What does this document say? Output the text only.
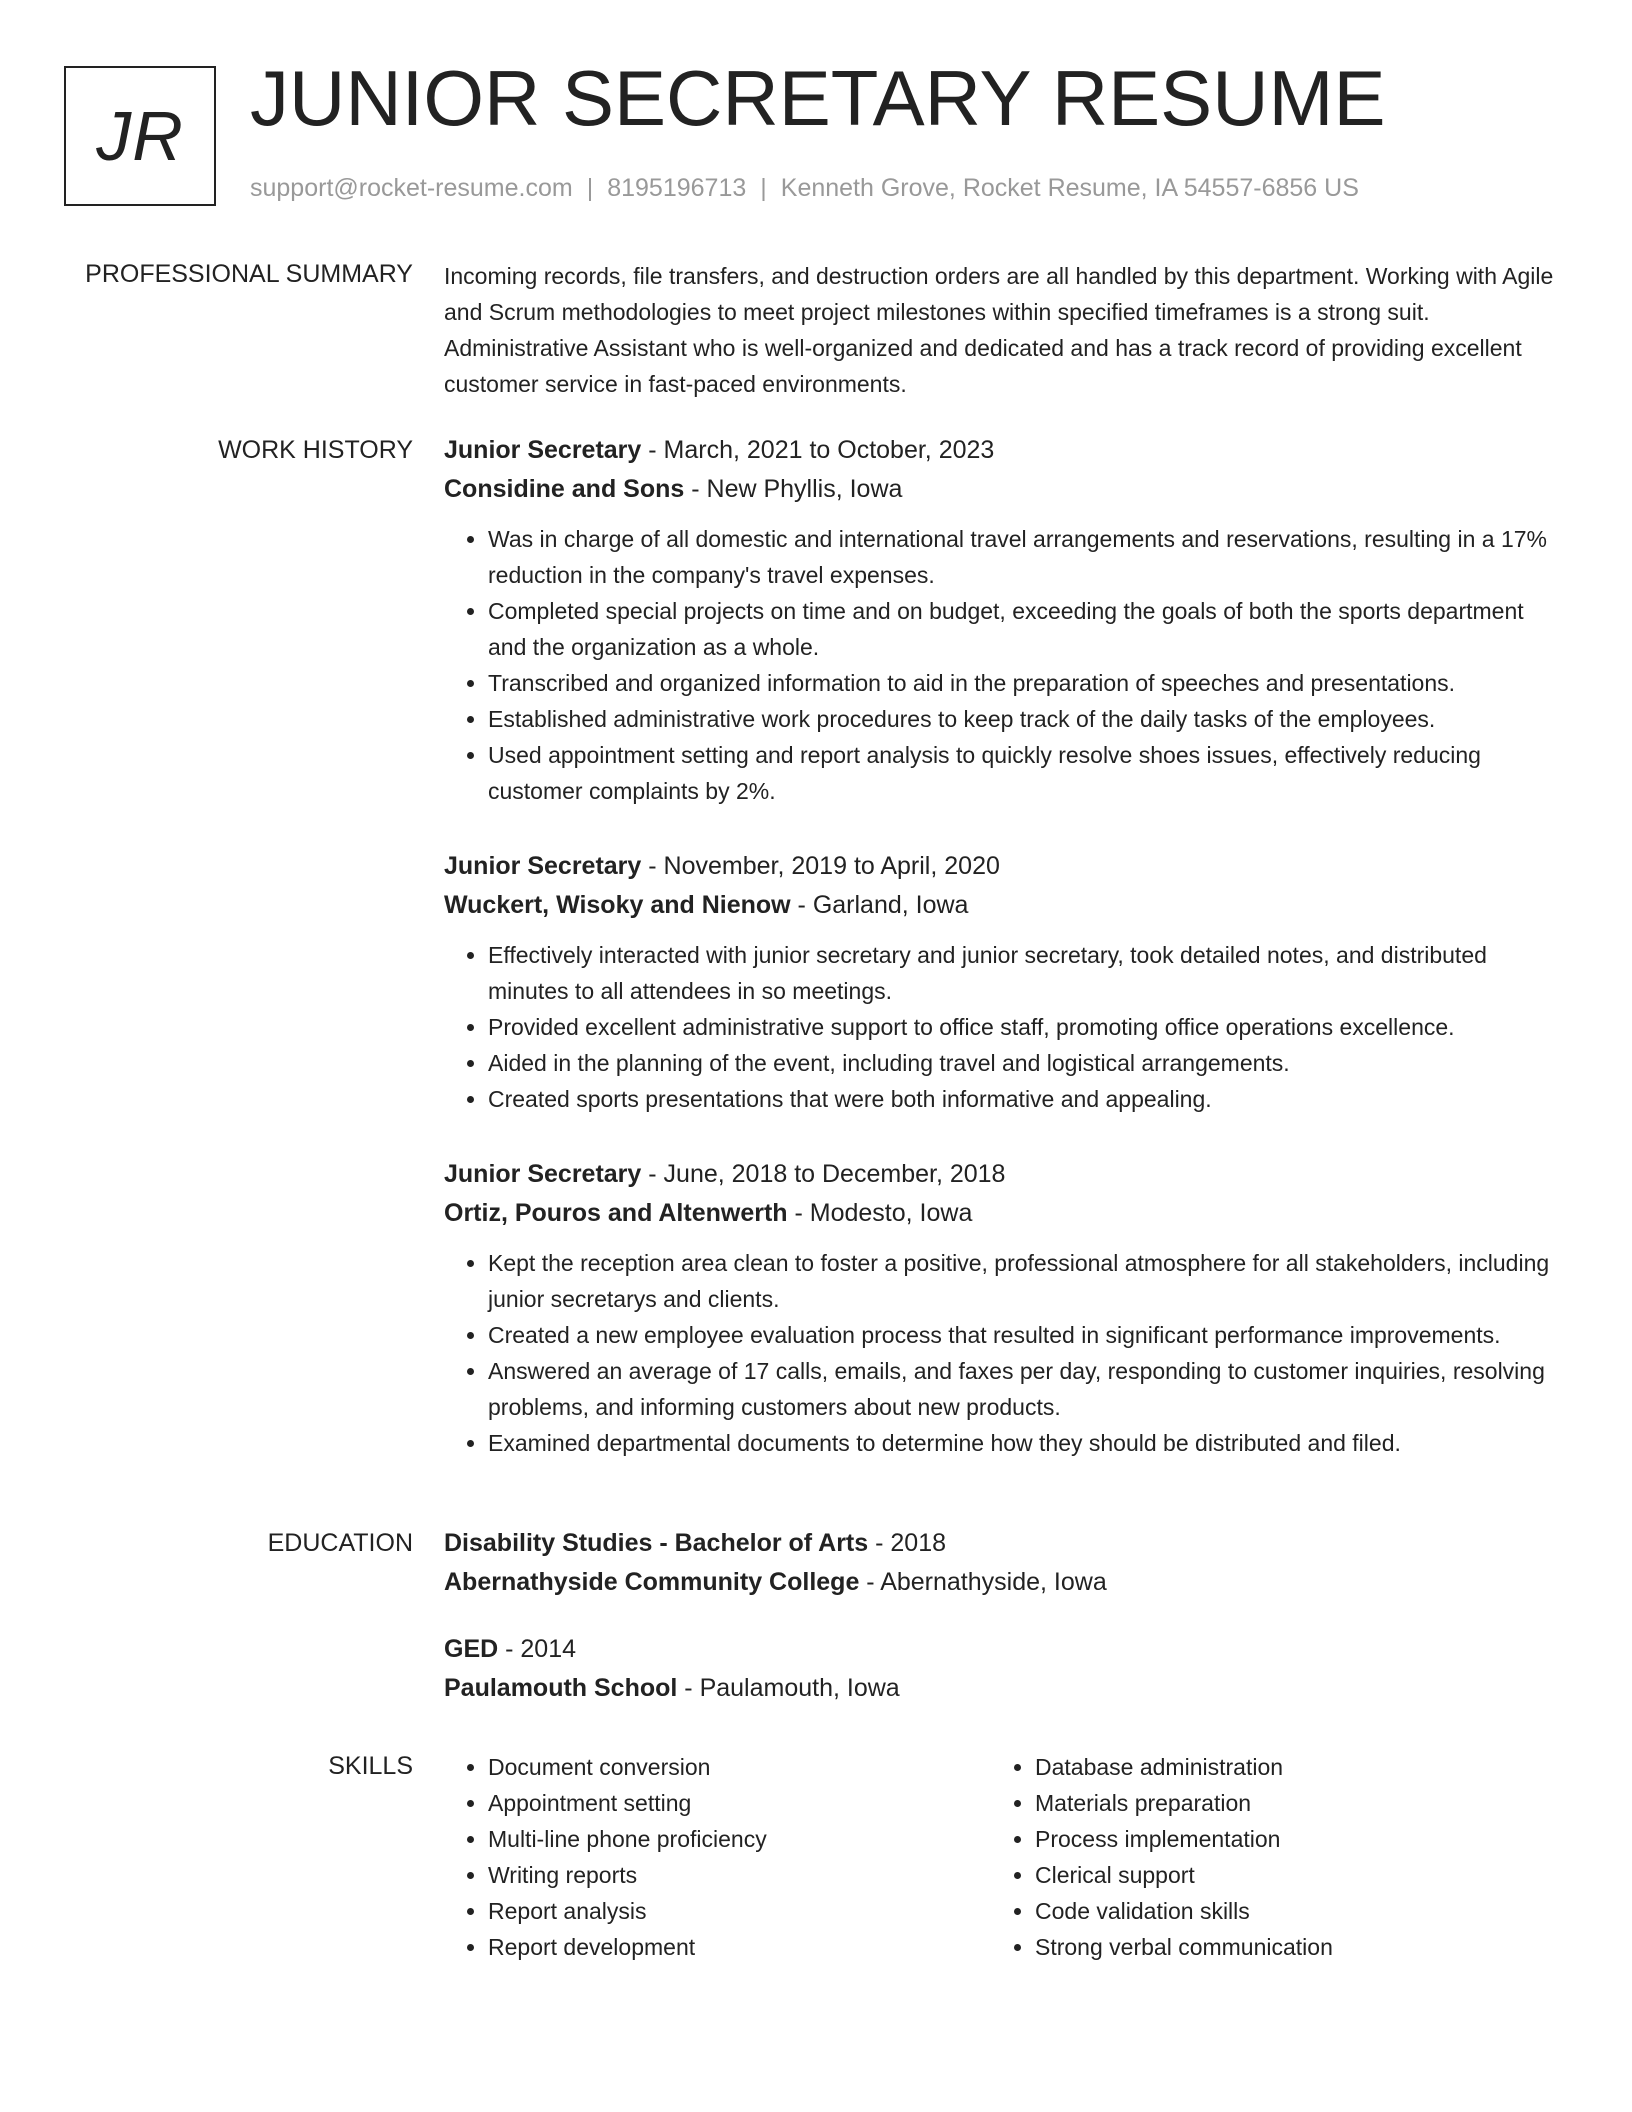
JR JUNIOR SECRETARY RESUME
support@rocket-resume.com | 8195196713 | Kenneth Grove, Rocket Resume, IA 54557-6856 US
PROFESSIONAL SUMMARY Incoming records, file transfers, and destruction orders are all handled by this department. Working with Agile and Scrum methodologies to meet project milestones within specified timeframes is a strong suit. Administrative Assistant who is well-organized and dedicated and has a track record of providing excellent customer service in fast-paced environments.

WORK HISTORY Junior Secretary - March, 2021 to October, 2023
Considine and Sons - New Phyllis, Iowa
• Was in charge of all domestic and international travel arrangements and reservations, resulting in a 17% reduction in the company's travel expenses.
• Completed special projects on time and on budget, exceeding the goals of both the sports department and the organization as a whole.
• Transcribed and organized information to aid in the preparation of speeches and presentations.
• Established administrative work procedures to keep track of the daily tasks of the employees.
• Used appointment setting and report analysis to quickly resolve shoes issues, effectively reducing customer complaints by 2%.
Junior Secretary - November, 2019 to April, 2020
Wuckert, Wisoky and Nienow - Garland, Iowa
• Effectively interacted with junior secretary and junior secretary, took detailed notes, and distributed minutes to all attendees in so meetings.
• Provided excellent administrative support to office staff, promoting office operations excellence.
• Aided in the planning of the event, including travel and logistical arrangements.
• Created sports presentations that were both informative and appealing.
Junior Secretary - June, 2018 to December, 2018
Ortiz, Pouros and Altenwerth - Modesto, Iowa
• Kept the reception area clean to foster a positive, professional atmosphere for all stakeholders, including junior secretarys and clients.
• Created a new employee evaluation process that resulted in significant performance improvements.
• Answered an average of 17 calls, emails, and faxes per day, responding to customer inquiries, resolving problems, and informing customers about new products.
• Examined departmental documents to determine how they should be distributed and filed.
EDUCATION Disability Studies - Bachelor of Arts - 2018
Abernathyside Community College - Abernathyside, Iowa
GED - 2014
Paulamouth School - Paulamouth, Iowa
SKILLS
•	Document conversion
• Appointment setting
• Multi-line phone proficiency
• Writing reports
• Report analysis
• Report development
• Database administration
• Materials preparation
• Process implementation
• Clerical support
• Code validation skills
• Strong verbal communication
